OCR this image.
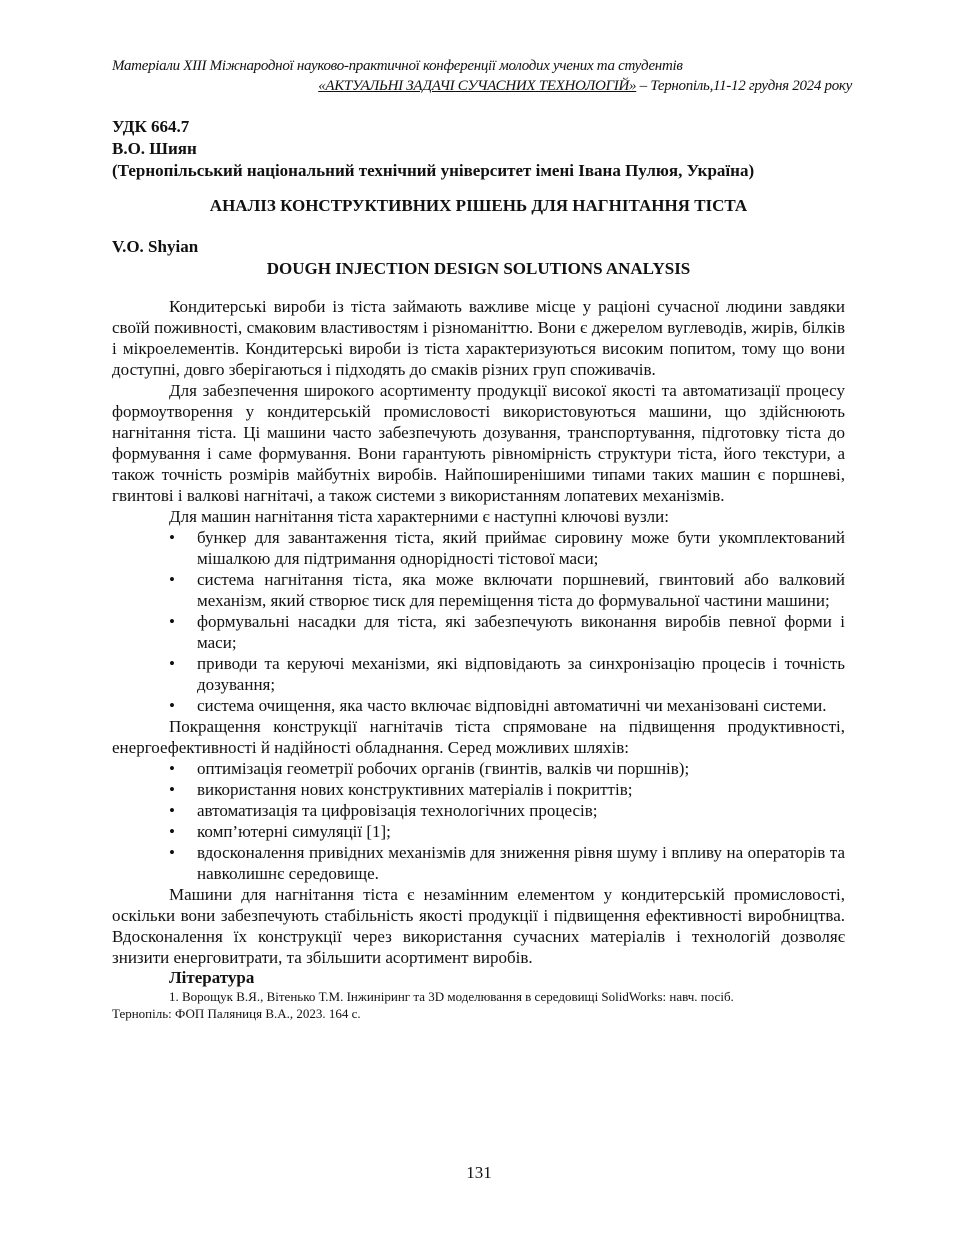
Матеріали XIII Міжнародної науково-практичної конференції молодих учених та студентів
«АКТУАЛЬНІ ЗАДАЧІ СУЧАСНИХ ТЕХНОЛОГІЙ» – Тернопіль,11-12 грудня 2024 року
УДК 664.7
В.О. Шиян
(Тернопільський національний технічний університет імені Івана Пулюя, Україна)
АНАЛІЗ КОНСТРУКТИВНИХ РІШЕНЬ ДЛЯ НАГНІТАННЯ ТІСТА
V.O. Shyian
DOUGH INJECTION DESIGN SOLUTIONS ANALYSIS

Кондитерські вироби із тіста займають важливе місце у раціоні сучасної людини завдяки своїй поживності, смаковим властивостям і різноманіттю. Вони є джерелом вуглеводів, жирів, білків і мікроелементів. Кондитерські вироби із тіста характеризуються високим попитом, тому що вони доступні, довго зберігаються і підходять до смаків різних груп споживачів.

Для забезпечення широкого асортименту продукції високої якості та автоматизації процесу формоутворення у кондитерській промисловості використовуються машини, що здійснюють нагнітання тіста. Ці машини часто забезпечують дозування, транспортування, підготовку тіста до формування і саме формування. Вони гарантують рівномірність структури тіста, його текстури, а також точність розмірів майбутніх виробів. Найпоширенішими типами таких машин є поршневі, гвинтові і валкові нагнітачі, а також системи з використанням лопатевих механізмів.

Для машин нагнітання тіста характерними є наступні ключові вузли:

• бункер для завантаження тіста, який приймає сировину може бути укомплектований мішалкою для підтримання однорідності тістової маси;
• система нагнітання тіста, яка може включати поршневий, гвинтовий або валковий механізм, який створює тиск для переміщення тіста до формувальної частини машини;
• формувальні насадки для тіста, які забезпечують виконання виробів певної форми і маси;
• приводи та керуючі механізми, які відповідають за синхронізацію процесів і точність дозування;
• система очищення, яка часто включає відповідні автоматичні чи механізовані системи.

Покращення конструкції нагнітачів тіста спрямоване на підвищення продуктивності, енергоефективності й надійності обладнання. Серед можливих шляхів:

• оптимізація геометрії робочих органів (гвинтів, валків чи поршнів);
• використання нових конструктивних матеріалів і покриттів;
• автоматизація та цифровізація технологічних процесів;
• комп’ютерні симуляції [1];
• вдосконалення привідних механізмів для зниження рівня шуму і впливу на операторів та навколишнє середовище.

Машини для нагнітання тіста є незамінним елементом у кондитерській промисловості, оскільки вони забезпечують стабільність якості продукції і підвищення ефективності виробництва. Вдосконалення їх конструкції через використання сучасних матеріалів і технологій дозволяє знизити енерговитрати, та збільшити асортимент виробів.

Література
1. Ворощук В.Я., Вітенько Т.М. Інжиніринг та 3D моделювання в середовищі SolidWorks: навч. посіб.
Тернопіль: ФОП Паляниця В.А., 2023. 164 с.
131
